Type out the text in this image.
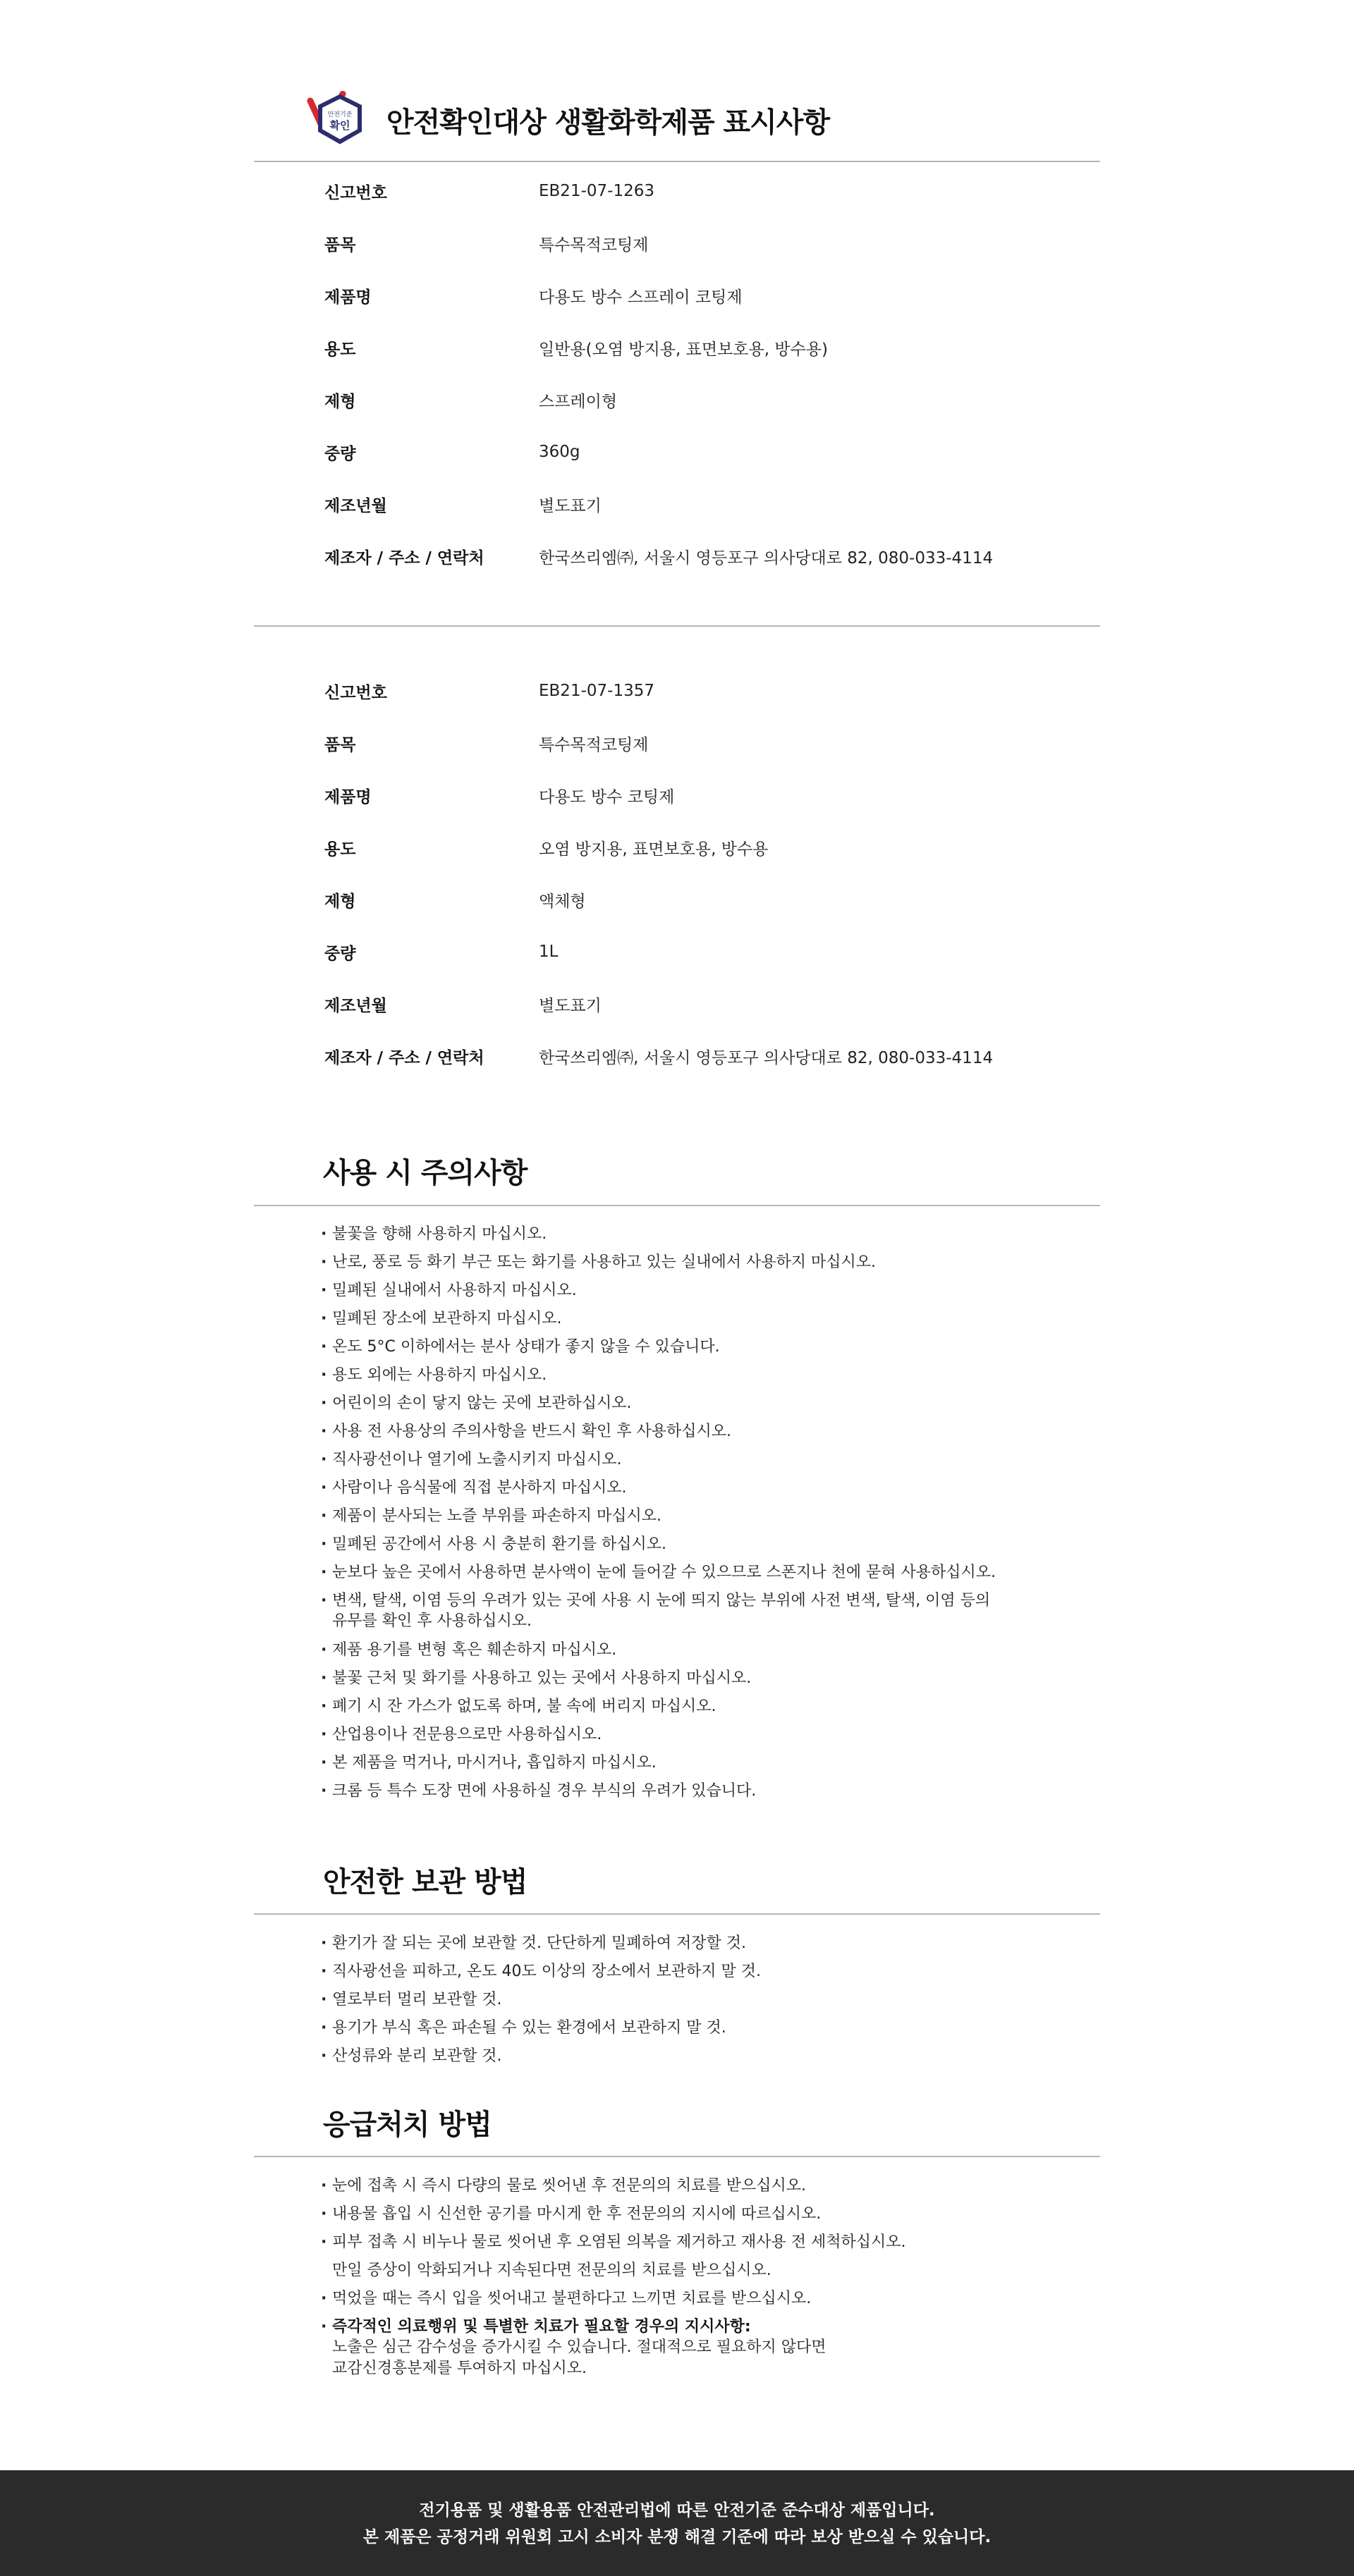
안전기준
확인 안전확인대상 생활화학제품 표시사항
신고번호	EB21-07-1263
품목	특수목적코팅제
제품명	다용도 방수 스프레이 코팅제
용도	일반용(오염 방지용, 표면보호용, 방수용)
제형	스프레이형
중량	360g
제조년월	별도표기
제조자 / 주소 / 연락처	한국쓰리엠㈜, 서울시 영등포구 의사당대로 82, 080-033-4114
신고번호	EB21-07-1357
품목	특수목적코팅제
제품명	다용도 방수 코팅제
용도	오염 방지용, 표면보호용, 방수용
제형	액체형
중량	1L
제조년월	별도표기
제조자 / 주소 / 연락처	한국쓰리엠㈜, 서울시 영등포구 의사당대로 82, 080-033-4114
사용 시 주의사항
· 불꽃을 향해 사용하지 마십시오.
· 난로, 풍로 등 화기 부근 또는 화기를 사용하고 있는 실내에서 사용하지 마십시오.
· 밀폐된 실내에서 사용하지 마십시오.
· 밀폐된 장소에 보관하지 마십시오.
· 온도 5°C 이하에서는 분사 상태가 좋지 않을 수 있습니다.
· 용도 외에는 사용하지 마십시오.
· 어린이의 손이 닿지 않는 곳에 보관하십시오.
· 사용 전 사용상의 주의사항을 반드시 확인 후 사용하십시오.
· 직사광선이나 열기에 노출시키지 마십시오.
· 사람이나 음식물에 직접 분사하지 마십시오.
· 제품이 분사되는 노즐 부위를 파손하지 마십시오.
· 밀폐된 공간에서 사용 시 충분히 환기를 하십시오.
· 눈보다 높은 곳에서 사용하면 분사액이 눈에 들어갈 수 있으므로 스폰지나 천에 묻혀 사용하십시오.
· 변색, 탈색, 이염 등의 우려가 있는 곳에 사용 시 눈에 띄지 않는 부위에 사전 변색, 탈색, 이염 등의
유무를 확인 후 사용하십시오.
· 제품 용기를 변형 혹은 훼손하지 마십시오.
· 불꽃 근처 및 화기를 사용하고 있는 곳에서 사용하지 마십시오.
· 폐기 시 잔 가스가 없도록 하며, 불 속에 버리지 마십시오.
· 산업용이나 전문용으로만 사용하십시오.
· 본 제품을 먹거나, 마시거나, 흡입하지 마십시오.
· 크롬 등 특수 도장 면에 사용하실 경우 부식의 우려가 있습니다.
안전한 보관 방법
· 환기가 잘 되는 곳에 보관할 것. 단단하게 밀폐하여 저장할 것.
· 직사광선을 피하고, 온도 40도 이상의 장소에서 보관하지 말 것.
· 열로부터 멀리 보관할 것.
· 용기가 부식 혹은 파손될 수 있는 환경에서 보관하지 말 것.
· 산성류와 분리 보관할 것.
응급처치 방법
· 눈에 접촉 시 즉시 다량의 물로 씻어낸 후 전문의의 치료를 받으십시오.
· 내용물 흡입 시 신선한 공기를 마시게 한 후 전문의의 지시에 따르십시오.
· 피부 접촉 시 비누나 물로 씻어낸 후 오염된 의복을 제거하고 재사용 전 세척하십시오.
만일 증상이 악화되거나 지속된다면 전문의의 치료를 받으십시오.
· 먹었을 때는 즉시 입을 씻어내고 불편하다고 느끼면 치료를 받으십시오.
· 즉각적인 의료행위 및 특별한 치료가 필요할 경우의 지시사항:
노출은 심근 감수성을 증가시킬 수 있습니다. 절대적으로 필요하지 않다면
교감신경흥분제를 투여하지 마십시오.

전기용품 및 생활용품 안전관리법에 따른 안전기준 준수대상 제품입니다.

본 제품은 공정거래 위원회 고시 소비자 분쟁 해결 기준에 따라 보상 받으실 수 있습니다.
